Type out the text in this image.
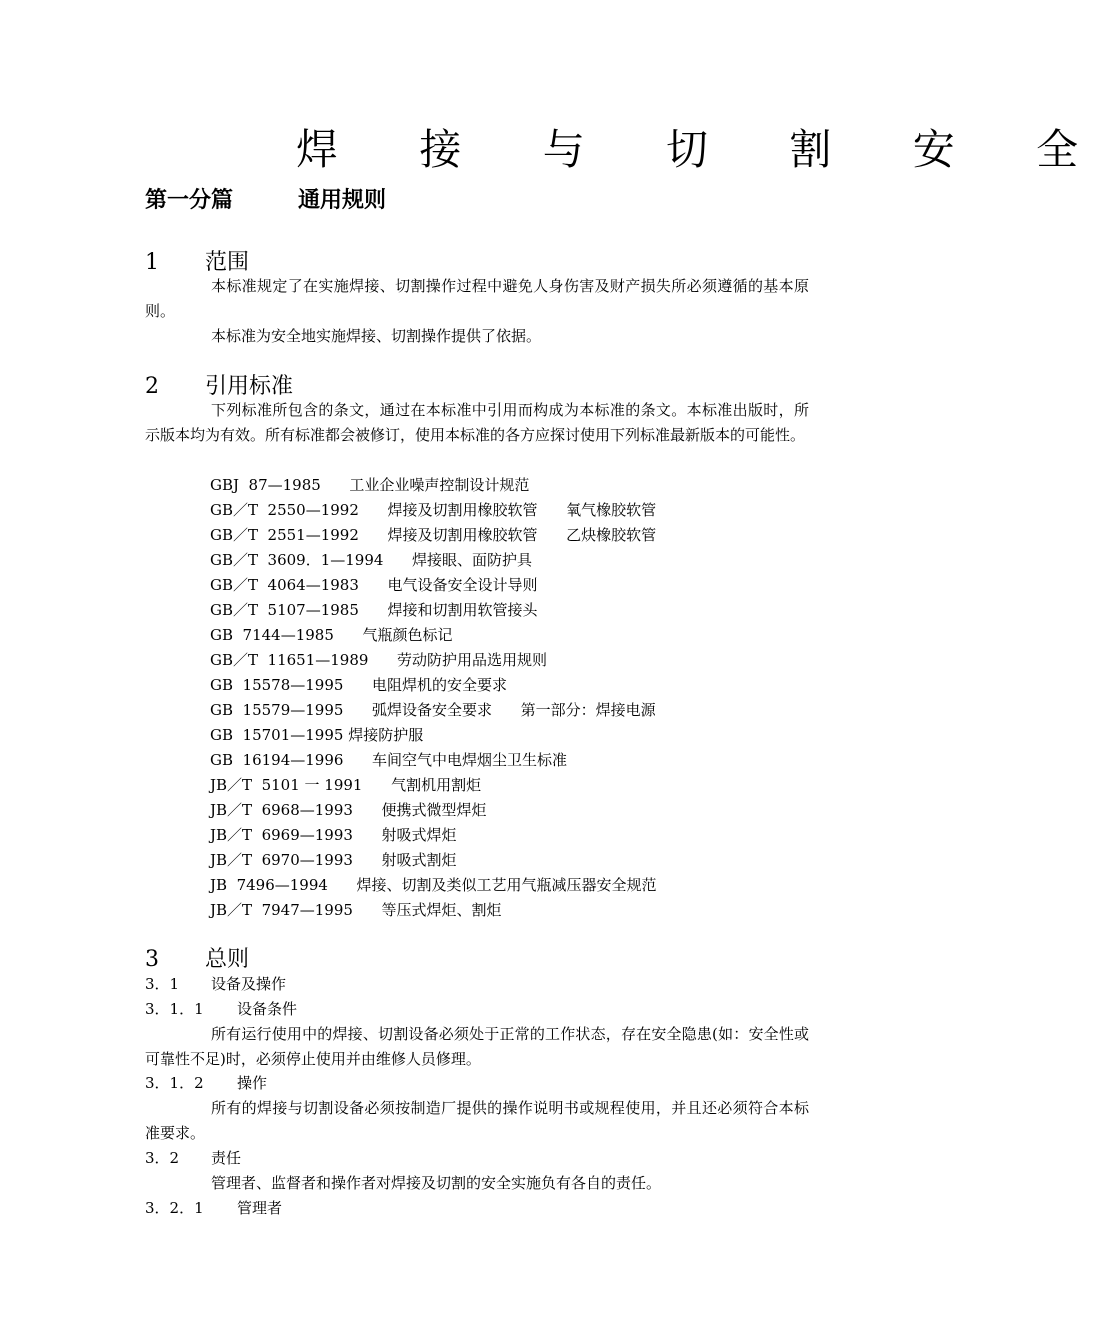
焊 接 与 切 割 安 全
第一分篇	通用规则
1 范围
本标准规定了在实施焊接、切割操作过程中避免人身伤害及财产损失所必须遵循的基本原则。
本标准为安全地实施焊接、切割操作提供了依据。
2 引用标准
下列标准所包含的条文，通过在本标准中引用而构成为本标准的条文。本标准出版时，所示版本均为有效。所有标准都会被修订，使用本标准的各方应探讨使用下列标准最新版本的可能性。
GBJ  87—1985      工业企业噪声控制设计规范
GB／T  2550—1992      焊接及切割用橡胶软管      氧气橡胶软管
GB／T  2551—1992      焊接及切割用橡胶软管      乙炔橡胶软管
GB／T  3609．1—1994      焊接眼、面防护具
GB／T  4064—1983      电气设备安全设计导则
GB／T  5107—1985      焊接和切割用软管接头
GB  7144—1985      气瓶颜色标记
GB／T  11651—1989      劳动防护用品选用规则
GB  15578—1995      电阻焊机的安全要求
GB  15579—1995      弧焊设备安全要求      第一部分：焊接电源
GB  15701—1995 焊接防护服
GB  16194—1996      车间空气中电焊烟尘卫生标准
JB／T  5101 一 1991      气割机用割炬
JB／T  6968—1993      便携式微型焊炬
JB／T  6969—1993      射吸式焊炬
JB／T  6970—1993      射吸式割炬
JB  7496—1994      焊接、切割及类似工艺用气瓶减压器安全规范
JB／T  7947—1995      等压式焊炬、割炬
3 总则
3．1 设备及操作
3．1．1 设备条件
所有运行使用中的焊接、切割设备必须处于正常的工作状态，存在安全隐患(如：安全性或可靠性不足)时，必须停止使用并由维修人员修理。
3．1．2 操作
所有的焊接与切割设备必须按制造厂提供的操作说明书或规程使用，并且还必须符合本标准要求。
3．2 责任
管理者、监督者和操作者对焊接及切割的安全实施负有各自的责任。
3．2．1 管理者
